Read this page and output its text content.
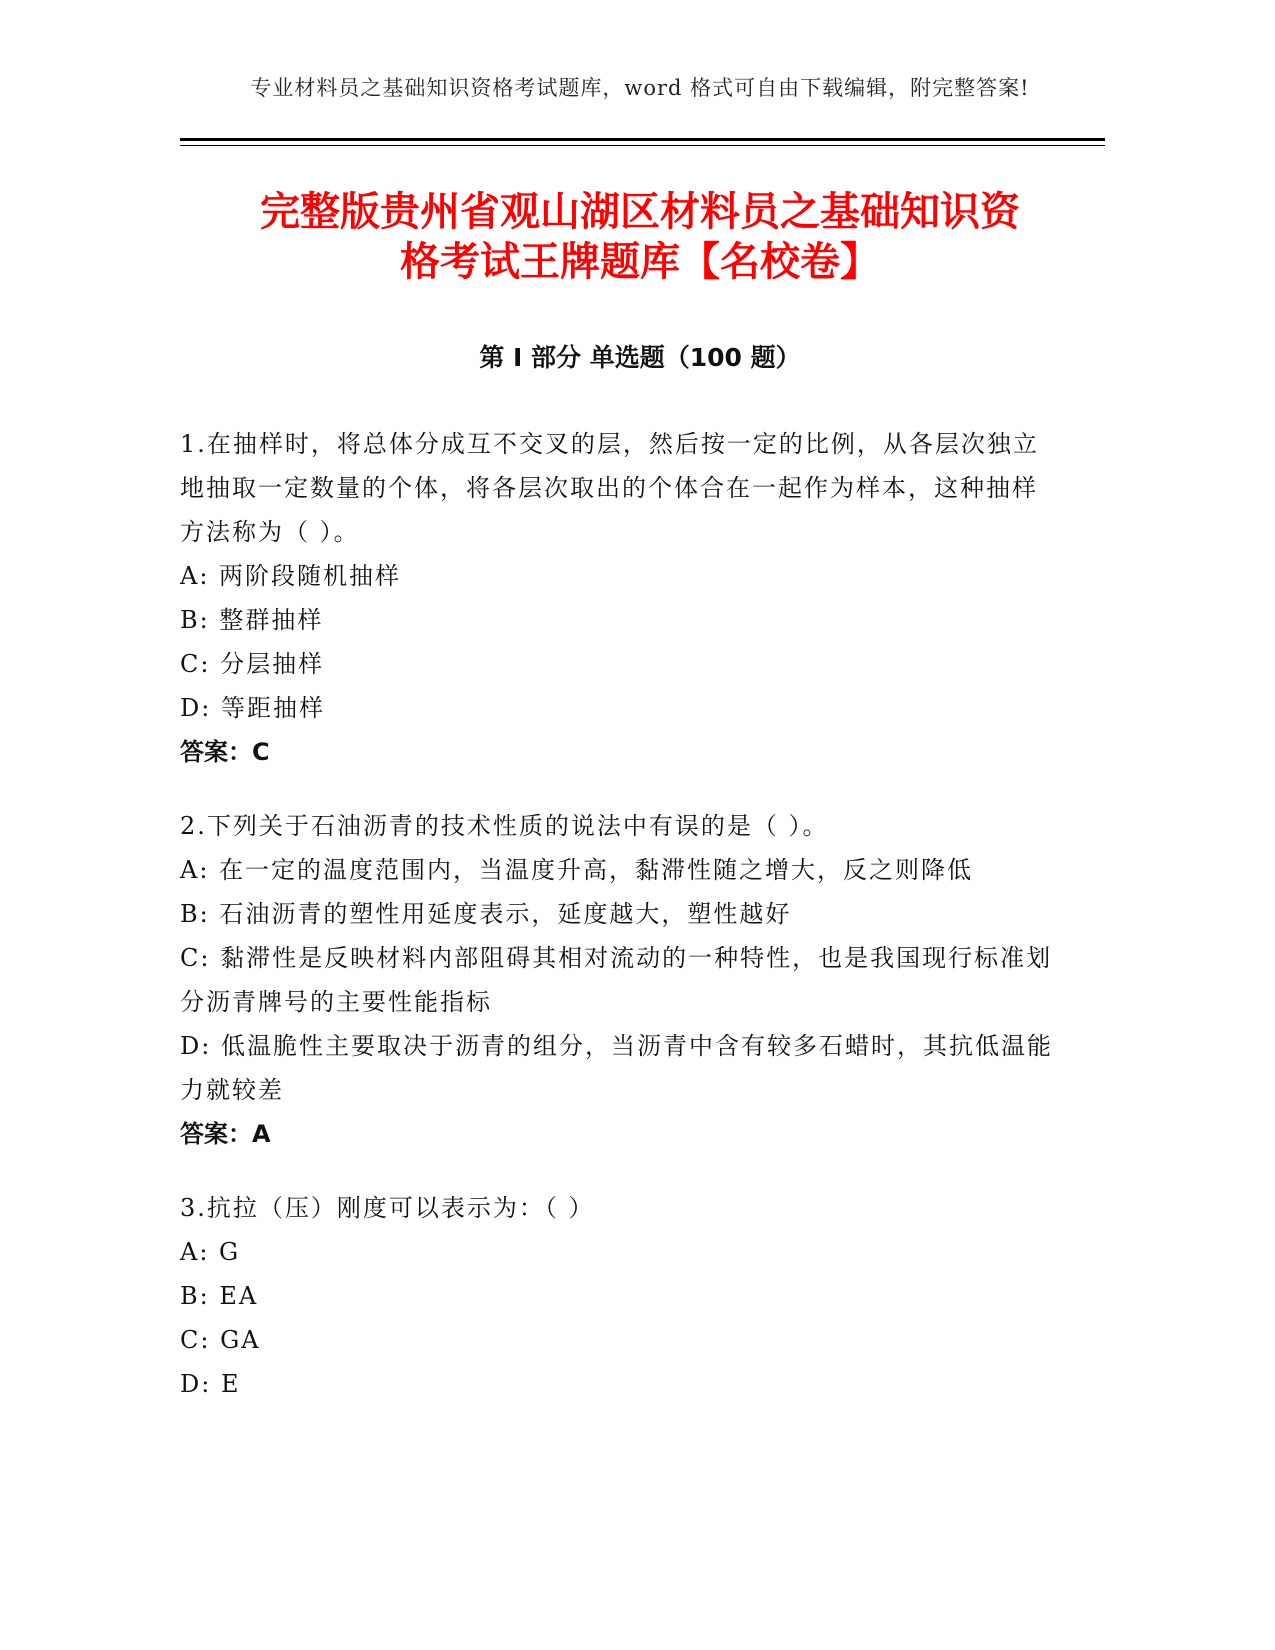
专业材料员之基础知识资格考试题库，word 格式可自由下载编辑，附完整答案!
完整版贵州省观山湖区材料员之基础知识资
格考试王牌题库【名校卷】
第 I 部分 单选题（100 题）
1.在抽样时，将总体分成互不交叉的层，然后按一定的比例，从各层次独立地抽取一定数量的个体，将各层次取出的个体合在一起作为样本，这种抽样方法称为（ ）。
A: 两阶段随机抽样
B: 整群抽样
C: 分层抽样
D: 等距抽样
答案：C
2.下列关于石油沥青的技术性质的说法中有误的是（ ）。
A: 在一定的温度范围内，当温度升高，黏滞性随之增大，反之则降低
B: 石油沥青的塑性用延度表示，延度越大，塑性越好
C: 黏滞性是反映材料内部阻碍其相对流动的一种特性，也是我国现行标准划分沥青牌号的主要性能指标
D: 低温脆性主要取决于沥青的组分，当沥青中含有较多石蜡时，其抗低温能力就较差
答案：A
3.抗拉（压）刚度可以表示为：（ ）
A: G
B: EA
C: GA
D: E
